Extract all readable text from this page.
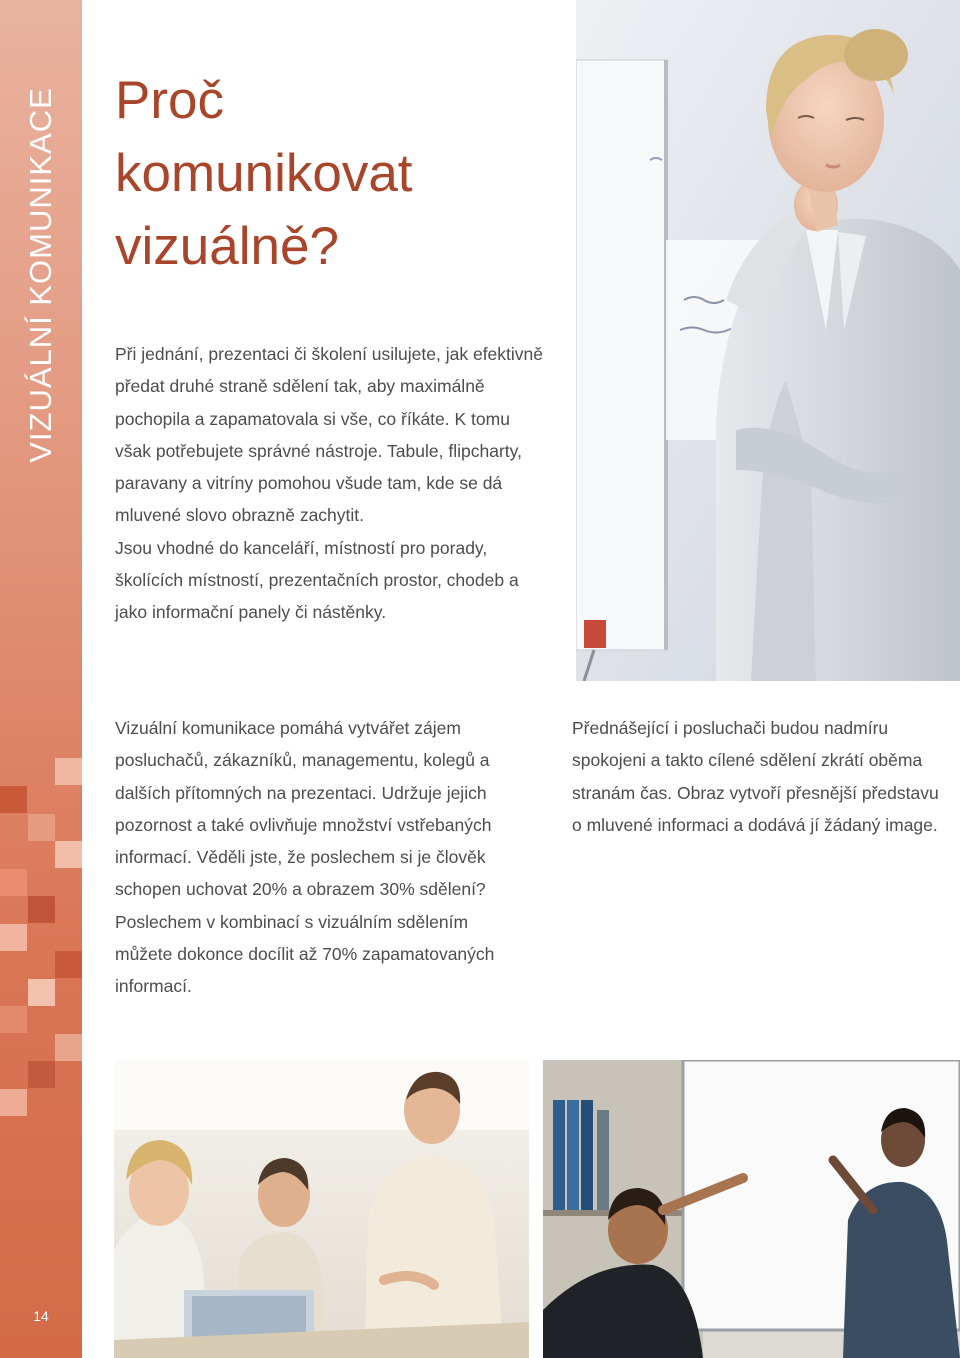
VIZUÁLNÍ KOMUNIKACE
14
Proč
komunikovat
vizuálně?

Při jednání, prezentaci či školení usilujete, jak efektivně předat druhé straně sdělení tak, aby maximálně pochopila a zapamatovala si vše, co říkáte. K tomu však potřebujete správné nástroje. Tabule, flipcharty, paravany a vitríny pomohou všude tam, kde se dá mluvené slovo obrazně zachytit.

Jsou vhodné do kanceláří, místností pro porady, školících místností, prezentačních prostor, chodeb a jako informační panely či nástěnky.

Vizuální komunikace pomáhá vytvářet zájem posluchačů, zákazníků, managementu, kolegů a dalších přítomných na prezentaci. Udržuje jejich pozornost a také ovlivňuje množství vstřebaných informací. Věděli jste, že poslechem si je člověk schopen uchovat 20% a obrazem 30% sdělení? Poslechem v kombinací s vizuálním sdělením můžete dokonce docílit až 70% zapamatovaných informací.

Přednášející i posluchači budou nadmíru spokojeni a takto cílené sdělení zkrátí oběma stranám čas. Obraz vytvoří přesnější představu o mluvené informaci a dodává jí žádaný image.
